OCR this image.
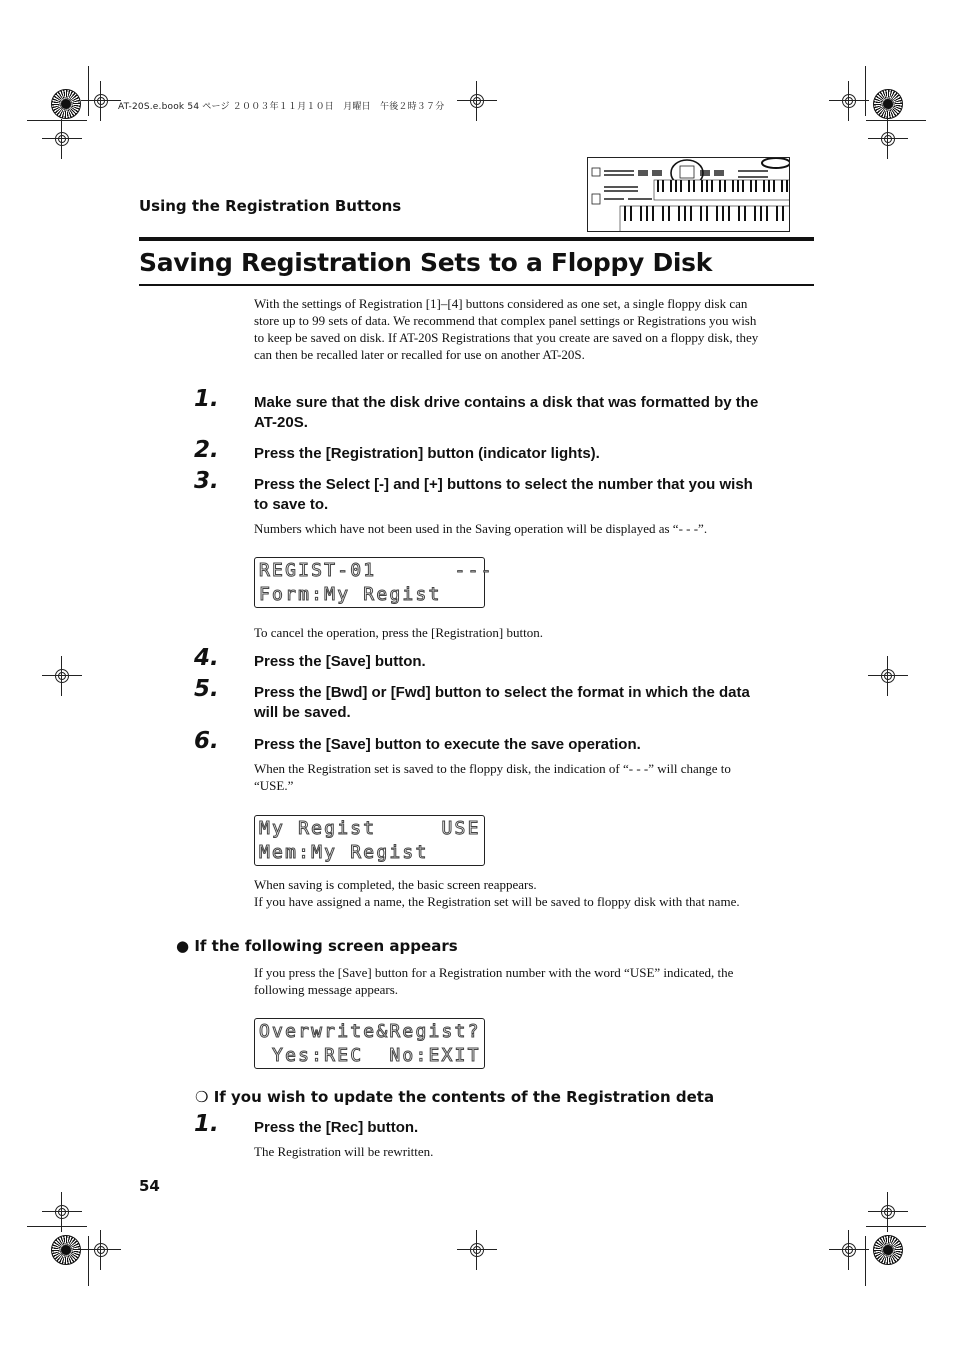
AT-20S.e.book 54 ページ ２００３年１１月１０日　月曜日　午後２時３７分
Using the Registration Buttons
Saving Registration Sets to a Floppy Disk
With the settings of Registration [1]–[4] buttons considered as one set, a single floppy disk can store up to 99 sets of data. We recommend that complex panel settings or Registrations you wish to keep be saved on disk. If AT-20S Registrations that you create are saved on a floppy disk, they can then be recalled later or recalled for use on another AT-20S.
1. Make sure that the disk drive contains a disk that was formatted by the AT-20S.
2. Press the [Registration] button (indicator lights).
3. Press the Select [-] and [+] buttons to select the number that you wish to save to.
Numbers which have not been used in the Saving operation will be displayed as “- - -”.
REGIST-01      ---
Form:My Regist
To cancel the operation, press the [Registration] button.
4. Press the [Save] button.
5. Press the [Bwd] or [Fwd] button to select the format in which the data will be saved.
6. Press the [Save] button to execute the save operation.
When the Registration set is saved to the floppy disk, the indication of “- - -” will change to “USE.”
My Regist     USE
Mem:My Regist
When saving is completed, the basic screen reappears.
If you have assigned a name, the Registration set will be saved to floppy disk with that name.
● If the following screen appears
If you press the [Save] button for a Registration number with the word “USE” indicated, the following message appears.
Overwrite&Regist?
Yes:REC  No:EXIT
❍ If you wish to update the contents of the Registration deta
1. Press the [Rec] button.
The Registration will be rewritten.
54
